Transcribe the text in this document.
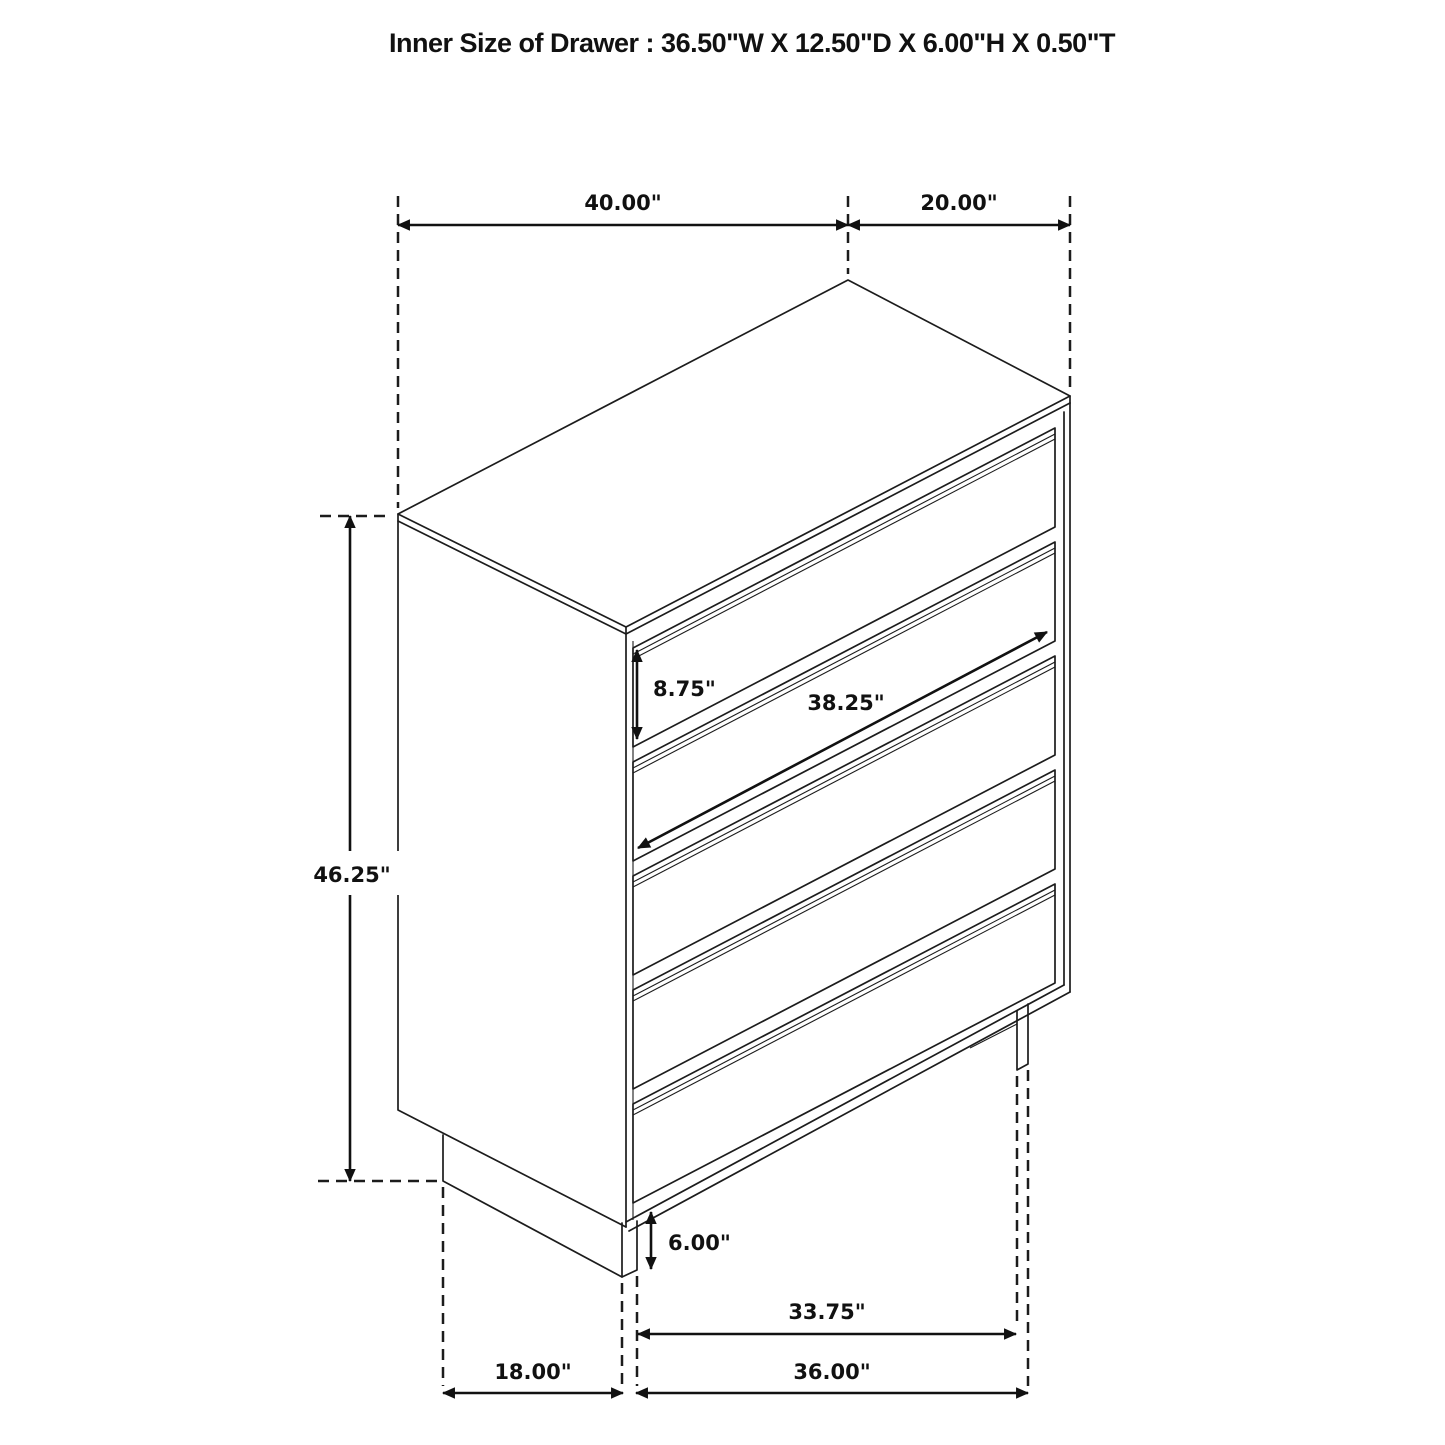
40.00"	20.00"
46.25"
8.75"
38.25"
6.00"
33.75"
18.00"	36.00"
Inner Size of Drawer : 36.50"W X 12.50"D X 6.00"H X 0.50"T
